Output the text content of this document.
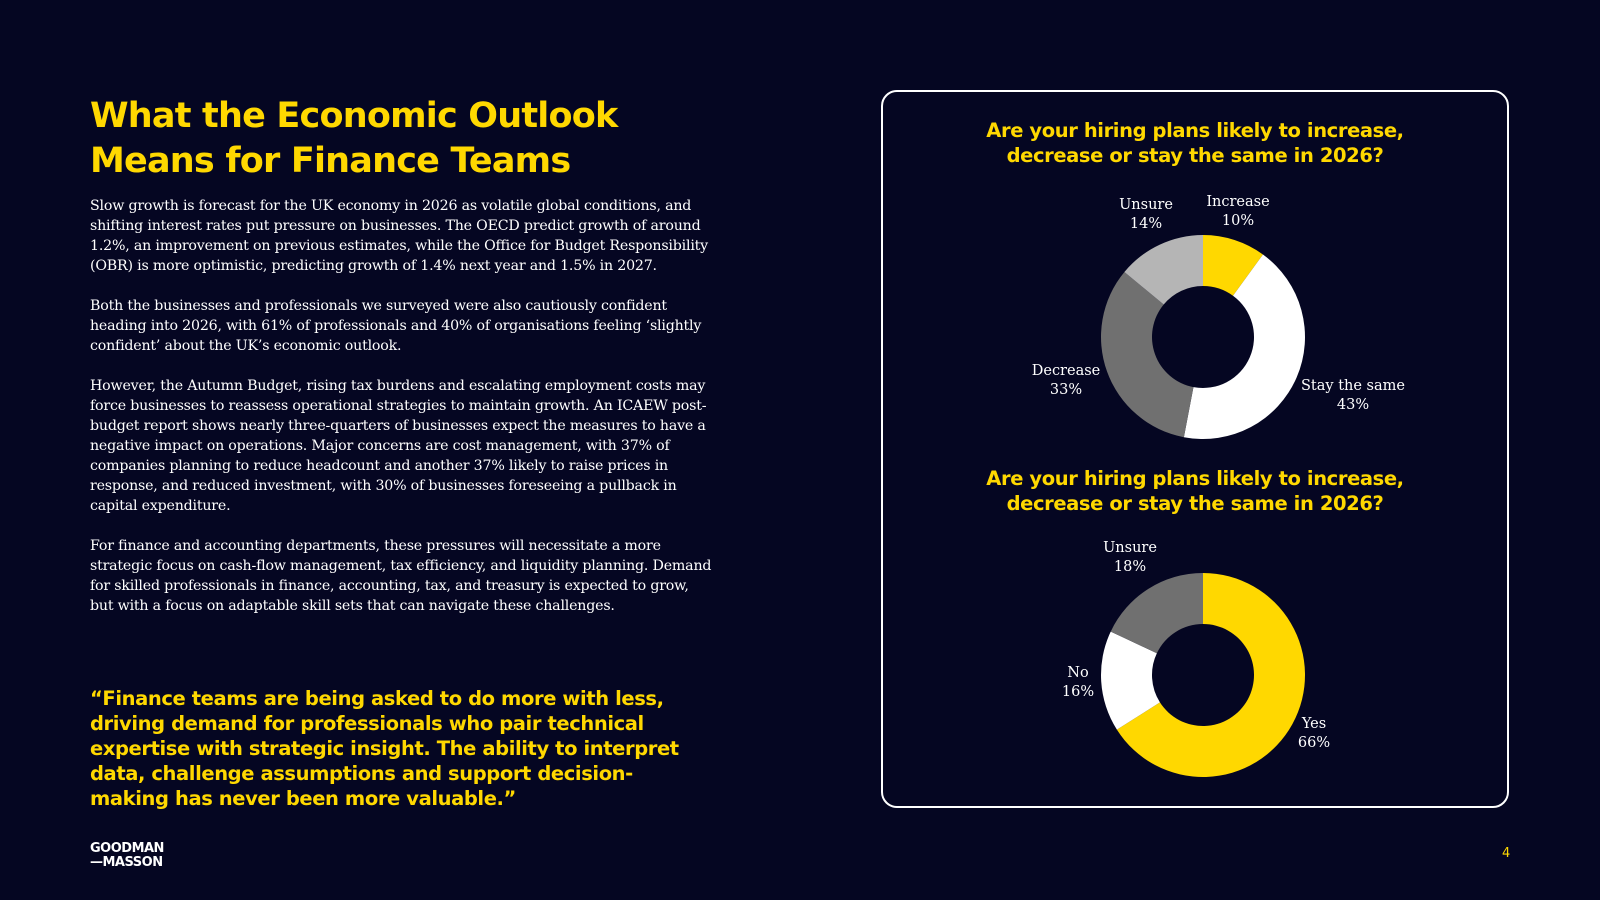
What the Economic Outlook
Means for Finance Teams

Slow growth is forecast for the UK economy in 2026 as volatile global conditions, and shifting interest rates put pressure on businesses. The OECD predict growth of around 1.2%, an improvement on previous estimates, while the Office for Budget Responsibility (OBR) is more optimistic, predicting growth of 1.4% next year and 1.5% in 2027.

Both the businesses and professionals we surveyed were also cautiously confident heading into 2026, with 61% of professionals and 40% of organisations feeling ‘slightly confident’ about the UK’s economic outlook.

However, the Autumn Budget, rising tax burdens and escalating employment costs may force businesses to reassess operational strategies to maintain growth. An ICAEW post-budget report shows nearly three-quarters of businesses expect the measures to have a negative impact on operations. Major concerns are cost management, with 37% of companies planning to reduce headcount and another 37% likely to raise prices in response, and reduced investment, with 30% of businesses foreseeing a pullback in capital expenditure.

For finance and accounting departments, these pressures will necessitate a more strategic focus on cash-flow management, tax efficiency, and liquidity planning. Demand for skilled professionals in finance, accounting, tax, and treasury is expected to grow, but with a focus on adaptable skill sets that can navigate these challenges.

“Finance teams are being asked to do more with less, driving demand for professionals who pair technical expertise with strategic insight. The ability to interpret data, challenge assumptions and support decision-making has never been more valuable.”

GOODMAN
—MASSON
4
Are your hiring plans likely to increase,
decrease or stay the same in 2026?
Are your hiring plans likely to increase,
decrease or stay the same in 2026?
Increase
10%
Stay the same
43%
Decrease
33%
Unsure
14%
Yes
66%
No
16%
Unsure
18%
